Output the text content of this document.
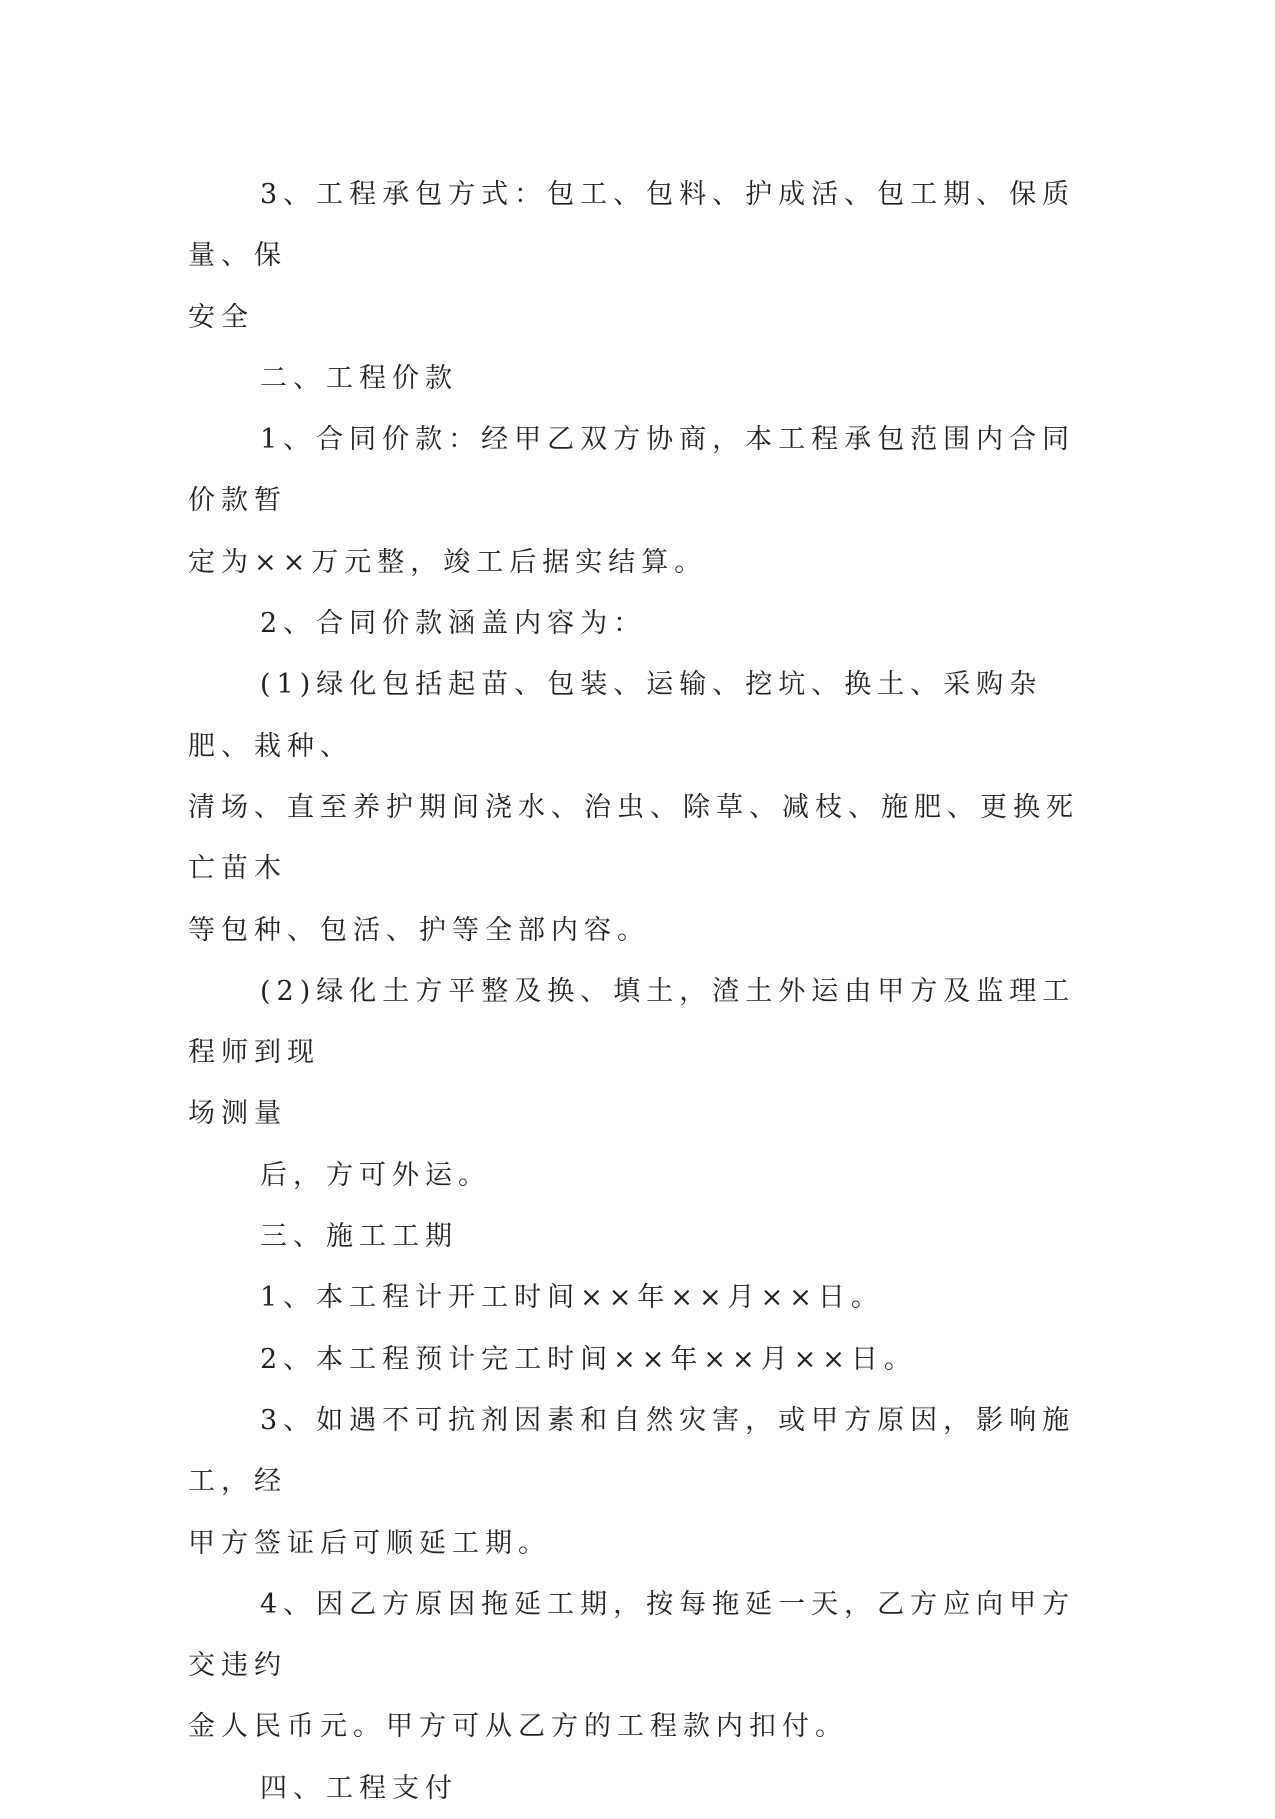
3、工程承包方式：包工、包料、护成活、包工期、保质量、保

安全

二、工程价款

1、合同价款：经甲乙双方协商，本工程承包范围内合同价款暂

定为××万元整，竣工后据实结算。

2、合同价款涵盖内容为：

(1)绿化包括起苗、包装、运输、挖坑、换土、采购杂肥、栽种、

清场、直至养护期间浇水、治虫、除草、减枝、施肥、更换死亡苗木

等包种、包活、护等全部内容。

(2)绿化土方平整及换、填土，渣土外运由甲方及监理工程师到现

场测量

后，方可外运。

三、施工工期

1、本工程计开工时间××年××月××日。

2、本工程预计完工时间××年××月××日。

3、如遇不可抗剂因素和自然灾害，或甲方原因，影响施工，经

甲方签证后可顺延工期。

4、因乙方原因拖延工期，按每拖延一天，乙方应向甲方交违约

金人民币元。甲方可从乙方的工程款内扣付。

四、工程支付
